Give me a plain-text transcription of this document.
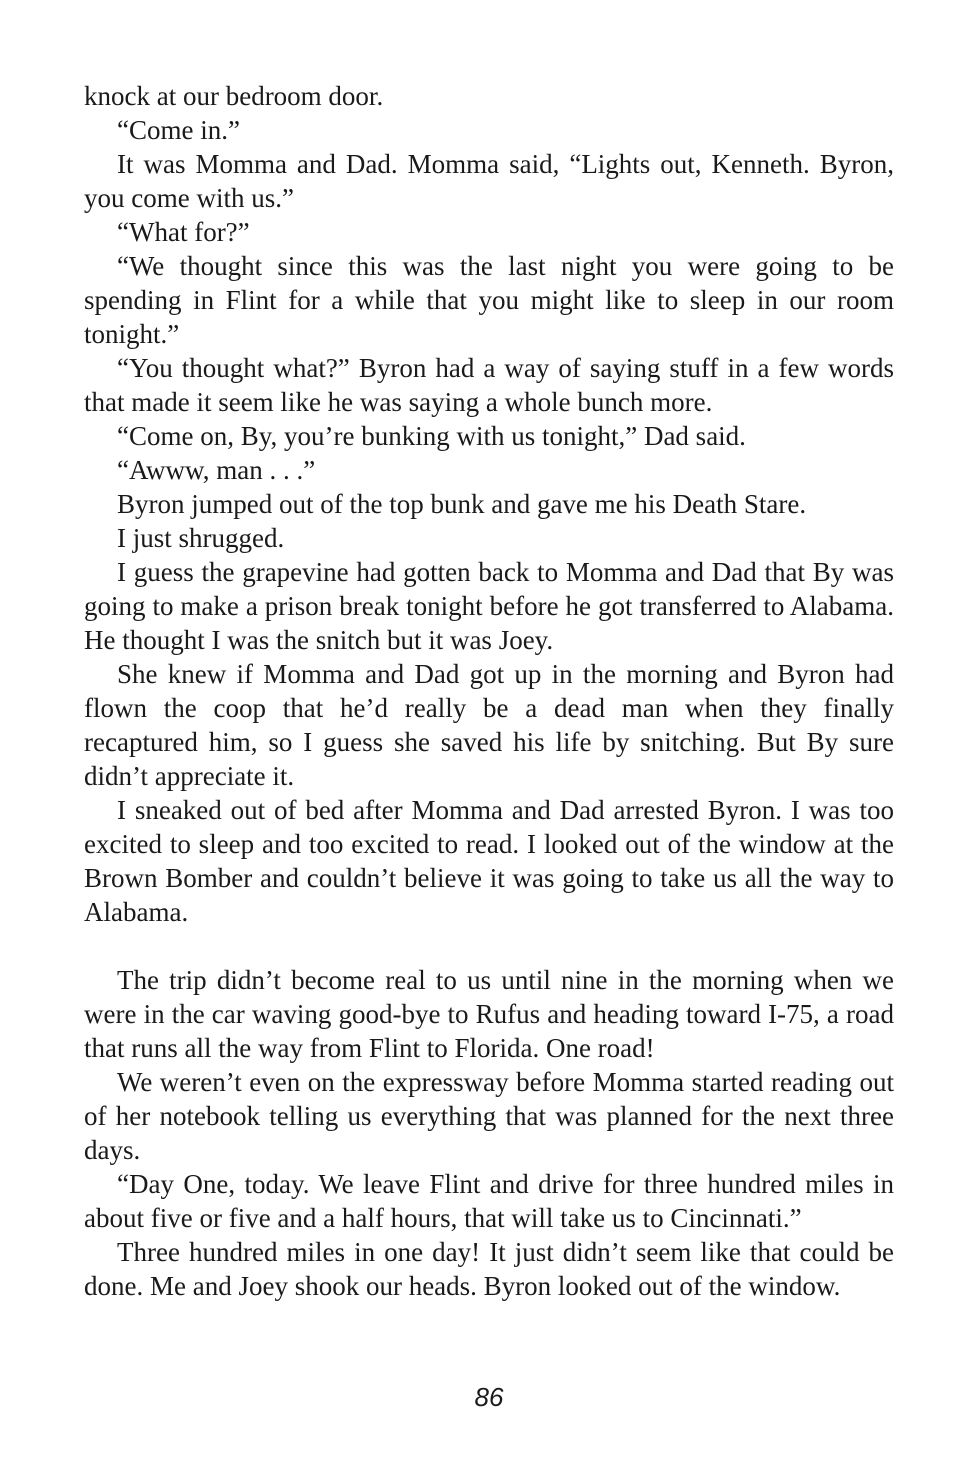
knock at our bedroom door.

“Come in.”

It was Momma and Dad. Momma said, “Lights out, Kenneth. Byron, you come with us.”

“What for?”

“We thought since this was the last night you were going to be spending in Flint for a while that you might like to sleep in our room tonight.”

“You thought what?” Byron had a way of saying stuff in a few words that made it seem like he was saying a whole bunch more.

“Come on, By, you’re bunking with us tonight,” Dad said.

“Awww, man . . .”

Byron jumped out of the top bunk and gave me his Death Stare.

I just shrugged.

I guess the grapevine had gotten back to Momma and Dad that By was going to make a prison break tonight before he got transferred to Alabama. He thought I was the snitch but it was Joey.

She knew if Momma and Dad got up in the morning and Byron had flown the coop that he’d really be a dead man when they finally recaptured him, so I guess she saved his life by snitching. But By sure didn’t appreciate it.

I sneaked out of bed after Momma and Dad arrested Byron. I was too excited to sleep and too excited to read. I looked out of the window at the Brown Bomber and couldn’t believe it was going to take us all the way to Alabama.

The trip didn’t become real to us until nine in the morning when we were in the car waving good-bye to Rufus and heading toward I-75, a road that runs all the way from Flint to Florida. One road!

We weren’t even on the expressway before Momma started reading out of her notebook telling us everything that was planned for the next three days.

“Day One, today. We leave Flint and drive for three hundred miles in about five or five and a half hours, that will take us to Cincinnati.”

Three hundred miles in one day! It just didn’t seem like that could be done. Me and Joey shook our heads. Byron looked out of the window.

86
